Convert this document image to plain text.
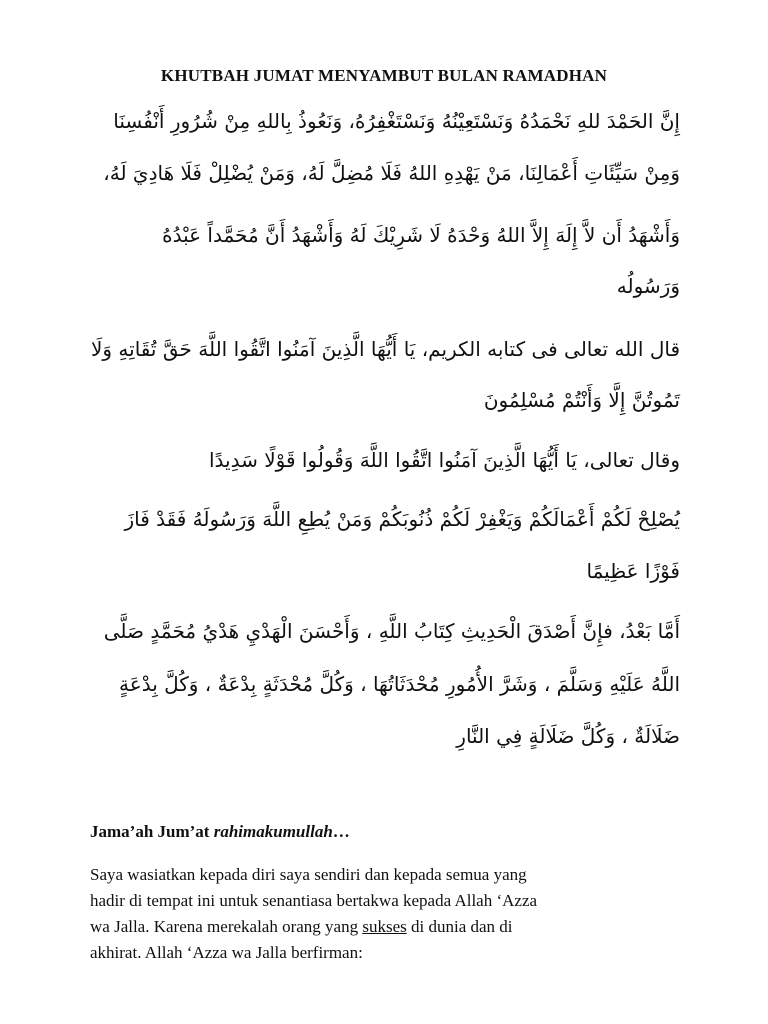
KHUTBAH JUMAT MENYAMBUT BULAN RAMADHAN
إِنَّ الحَمْدَ للهِ نَحْمَدُهُ وَنَسْتَعِيْنُهُ وَنَسْتَغْفِرُهُ، وَنَعُوذُ بِاللهِ مِنْ شُرُورِ أَنْفُسِنَا
وَمِنْ سَيِّئَاتِ أَعْمَالِنَا، مَنْ يَهْدِهِ اللهُ فَلَا مُضِلَّ لَهُ، وَمَنْ يُضْلِلْ فَلَا هَادِيَ لَهُ،
وَأَشْهَدُ أَن لاَّ إِلَهَ إِلاَّ اللهُ وَحْدَهُ لَا شَرِيْكَ لَهُ وَأَشْهَدُ أَنَّ مُحَمَّداً عَبْدُهُ
وَرَسُولُه
قال الله تعالى فى كتابه الكريم، يَا أَيُّهَا الَّذِينَ آمَنُوا اتَّقُوا اللَّهَ حَقَّ تُقَاتِهِ وَلَا
تَمُوتُنَّ إِلَّا وَأَنْتُمْ مُسْلِمُونَ
وقال تعالى، يَا أَيُّهَا الَّذِينَ آمَنُوا اتَّقُوا اللَّهَ وَقُولُوا قَوْلًا سَدِيدًا
يُصْلِحْ لَكُمْ أَعْمَالَكُمْ وَيَغْفِرْ لَكُمْ ذُنُوبَكُمْ وَمَنْ يُطِعِ اللَّهَ وَرَسُولَهُ فَقَدْ فَازَ
فَوْزًا عَظِيمًا
أَمَّا بَعْدُ، فإِنَّ أَصْدَقَ الْحَدِيثِ كِتَابُ اللَّهِ ، وَأَحْسَنَ الْهَدْيِ هَدْيُ مُحَمَّدٍ صَلَّى
اللَّهُ عَلَيْهِ وَسَلَّمَ ، وَشَرَّ الأُمُورِ مُحْدَثَاتُهَا ، وَكُلَّ مُحْدَثَةٍ بِدْعَةٌ ، وَكُلَّ بِدْعَةٍ
ضَلَالَةٌ ، وَكُلَّ ضَلَالَةٍ فِي النَّارِ
Jama’ah Jum’at rahimakumullah…
Saya wasiatkan kepada diri saya sendiri dan kepada semua yang
hadir di tempat ini untuk senantiasa bertakwa kepada Allah ‘Azza
wa Jalla. Karena merekalah orang yang sukses di dunia dan di
akhirat. Allah ‘Azza wa Jalla berfirman:
